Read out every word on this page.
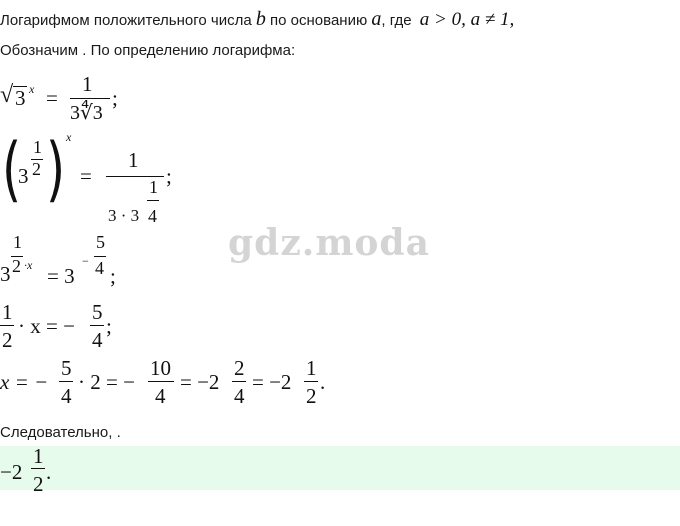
Логарифмом положительного числа b по основанию a, где a > 0, a ≠ 1,
Обозначим . По определению логарифма:
√ 3 x =
1
3∜3
;
(
3
1
2 ) x
=
1
3 · 3
1
4
;
gdz.moda
3
1
2 ·x = 3
−
5
4 ;
1
2
· x = −
5
4
;
x = −
5
4
· 2 = −
10
4
= −2
2
4
= −2
1
2
.
Следовательно, .
−2
1
2 .
